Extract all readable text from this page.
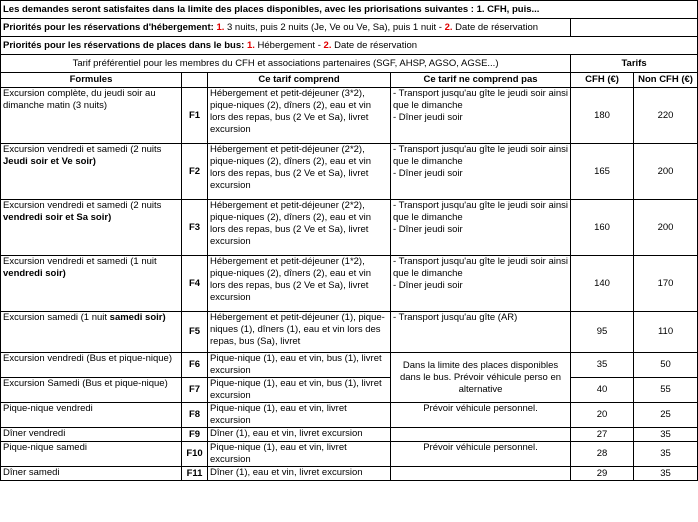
Les demandes seront satisfaites dans la limite des places disponibles, avec les priorisations suivantes : 1. CFH, puis...					
Priorités pour les réservations d'hébergement: 1. 3 nuits, puis 2 nuits (Je, Ve ou Ve, Sa), puis 1 nuit - 2. Date de réservation					
Priorités pour les réservations de places dans le bus: 1. Hébergement - 2. Date de réservation					
Tarif préférentiel pour les membres du CFH et associations partenaires (SGF, AHSP, AGSO, AGSE...)				Tarifs	
Formules		Ce tarif comprend	Ce tarif ne comprend pas	CFH (€)	Non CFH (€)
Excursion complète, du jeudi soir au dimanche matin (3 nuits)	F1	Hébergement et petit-déjeuner (3*2), pique-niques (2), dîners (2), eau et vin lors des repas, bus (2 Ve et Sa), livret excursion	- Transport jusqu'au gîte le jeudi soir ainsi que le dimanche
- Dîner jeudi soir	180	220
Excursion vendredi et samedi (2 nuits Jeudi soir et Ve soir)	F2	Hébergement et petit-déjeuner (2*2), pique-niques (2), dîners (2), eau et vin lors des repas, bus (2 Ve et Sa), livret excursion	- Transport jusqu'au gîte le jeudi soir ainsi que le dimanche
- Dîner jeudi soir	165	200
Excursion vendredi et samedi (2 nuits vendredi soir et Sa soir)	F3	Hébergement et petit-déjeuner (2*2), pique-niques (2), dîners (2), eau et vin lors des repas, bus (2 Ve et Sa), livret excursion	- Transport jusqu'au gîte le jeudi soir ainsi que le dimanche
- Dîner jeudi soir	160	200
Excursion vendredi et samedi (1 nuit vendredi soir)	F4	Hébergement et petit-déjeuner (1*2), pique-niques (2), dîners (2), eau et vin lors des repas, bus (2 Ve et Sa), livret excursion	- Transport jusqu'au gîte le jeudi soir ainsi que le dimanche
- Dîner jeudi soir	140	170
Excursion samedi (1 nuit samedi soir)	F5	Hébergement et petit-déjeuner (1), pique-niques (1), dîners (1), eau et vin lors des repas, bus (Sa), livret	- Transport jusqu'au gîte (AR)	95	110
Excursion vendredi (Bus et pique-nique)	F6	Pique-nique (1), eau et vin, bus (1), livret excursion	Dans la limite des places disponibles dans le bus. Prévoir véhicule perso en alternative	35	50
Excursion Samedi (Bus et pique-nique)	F7	Pique-nique (1), eau et vin, bus (1), livret excursion		40	55
Pique-nique vendredi	F8	Pique-nique (1), eau et vin, livret excursion	Prévoir véhicule personnel.	20	25
Dîner vendredi	F9	Dîner (1), eau et vin, livret excursion		27	35
Pique-nique samedi	F10	Pique-nique (1), eau et vin, livret excursion	Prévoir véhicule personnel.	28	35
Dîner samedi	F11	Dîner (1), eau et vin, livret excursion		29	35
